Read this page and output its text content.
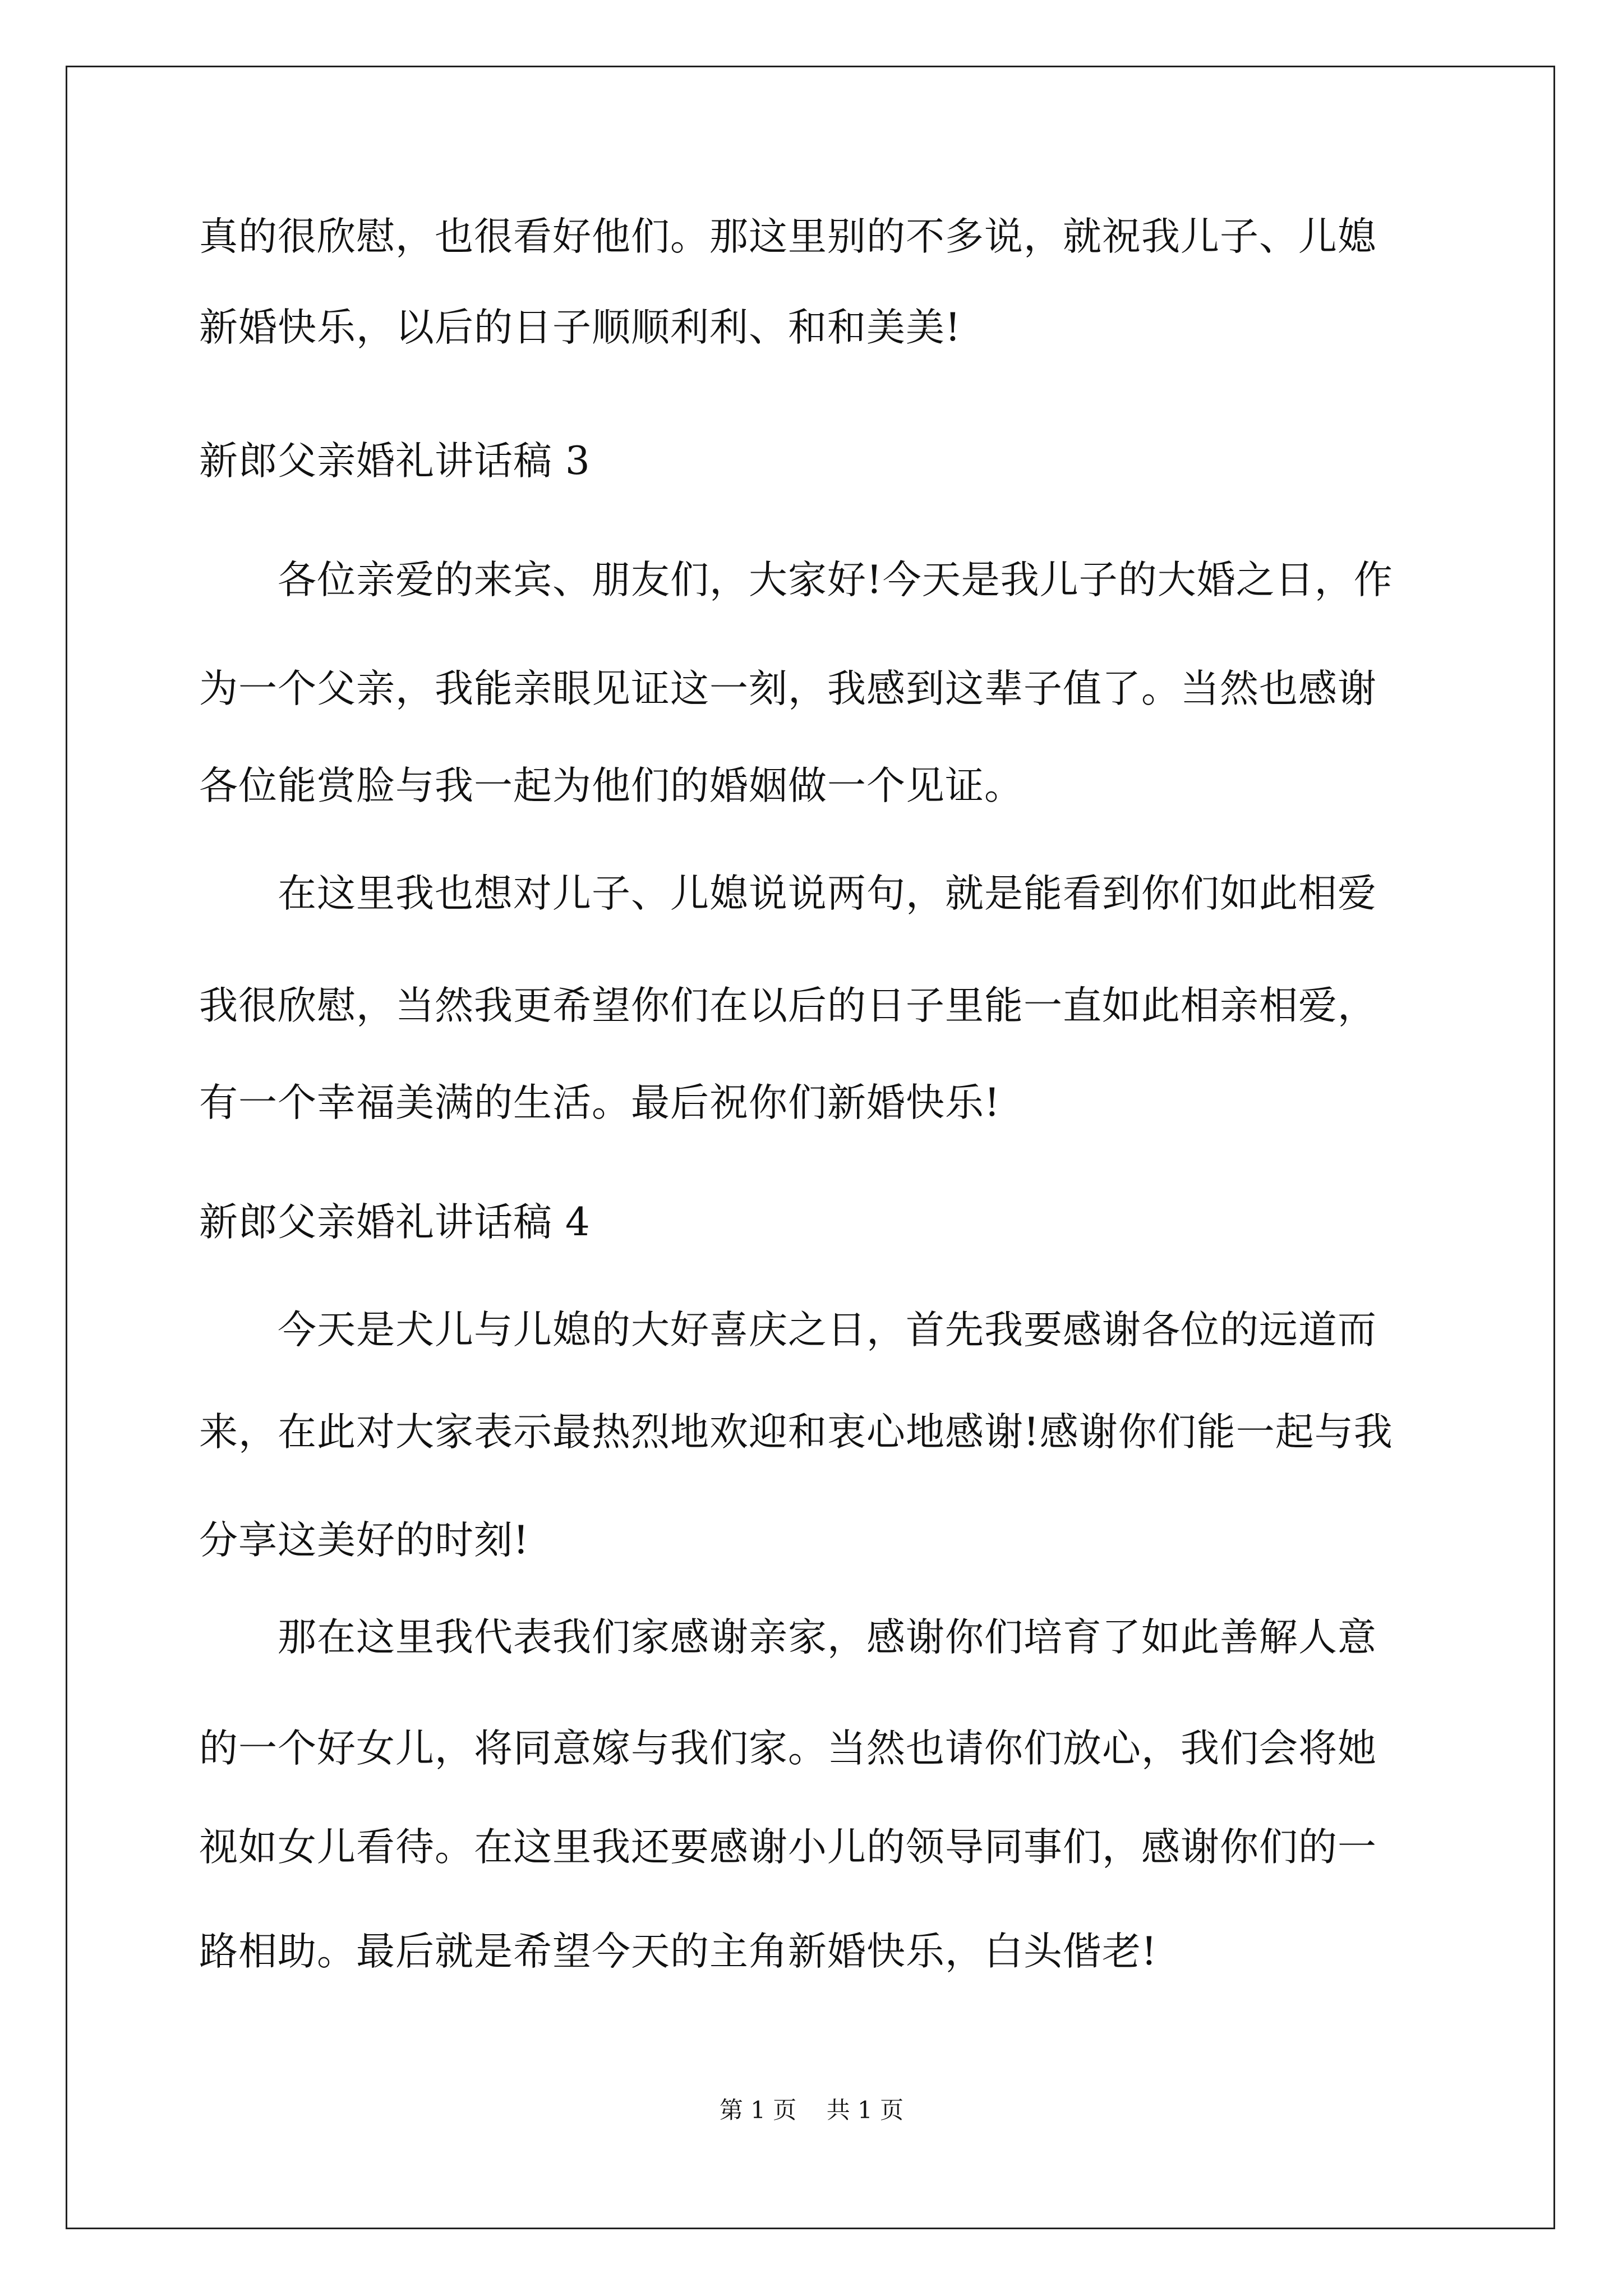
真的很欣慰，也很看好他们。那这里别的不多说，就祝我儿子、儿媳
新婚快乐，以后的日子顺顺利利、和和美美!
新郎父亲婚礼讲话稿 3
各位亲爱的来宾、朋友们，大家好!今天是我儿子的大婚之日，作
为一个父亲，我能亲眼见证这一刻，我感到这辈子值了。当然也感谢
各位能赏脸与我一起为他们的婚姻做一个见证。
在这里我也想对儿子、儿媳说说两句，就是能看到你们如此相爱
我很欣慰，当然我更希望你们在以后的日子里能一直如此相亲相爱，
有一个幸福美满的生活。最后祝你们新婚快乐!
新郎父亲婚礼讲话稿 4
今天是犬儿与儿媳的大好喜庆之日，首先我要感谢各位的远道而
来，在此对大家表示最热烈地欢迎和衷心地感谢!感谢你们能一起与我
分享这美好的时刻!
那在这里我代表我们家感谢亲家，感谢你们培育了如此善解人意
的一个好女儿，将同意嫁与我们家。当然也请你们放心，我们会将她
视如女儿看待。在这里我还要感谢小儿的领导同事们，感谢你们的一
路相助。最后就是希望今天的主角新婚快乐，白头偕老!
第 1 页    共 1 页
